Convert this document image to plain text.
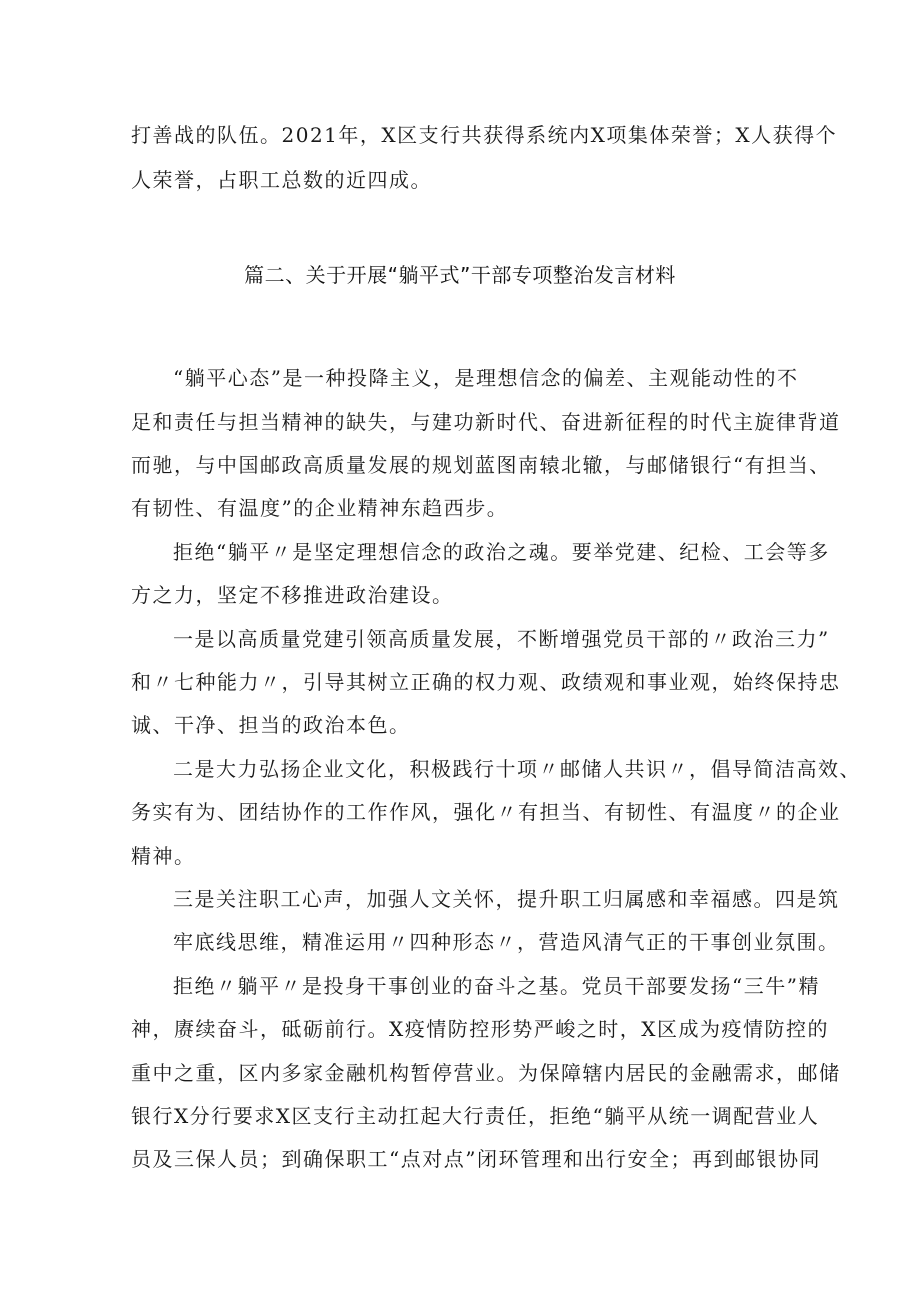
打善战的队伍。2021年，X区支行共获得系统内X项集体荣誉；X人获得个
人荣誉，占职工总数的近四成。
篇二、关于开展“躺平式”干部专项整治发言材料
“躺平心态”是一种投降主义，是理想信念的偏差、主观能动性的不
足和责任与担当精神的缺失，与建功新时代、奋进新征程的时代主旋律背道
而驰，与中国邮政高质量发展的规划蓝图南辕北辙，与邮储银行“有担当、
有韧性、有温度”的企业精神东趋西步。
拒绝“躺平〃是坚定理想信念的政治之魂。要举党建、纪检、工会等多
方之力，坚定不移推进政治建设。
一是以高质量党建引领高质量发展，不断增强党员干部的〃政治三力”
和〃七种能力〃，引导其树立正确的权力观、政绩观和事业观，始终保持忠
诚、干净、担当的政治本色。
二是大力弘扬企业文化，积极践行十项〃邮储人共识〃，倡导简洁高效、
务实有为、团结协作的工作作风，强化〃有担当、有韧性、有温度〃的企业
精神。
三是关注职工心声，加强人文关怀，提升职工归属感和幸福感。四是筑
牢底线思维，精准运用〃四种形态〃，营造风清气正的干事创业氛围。
拒绝〃躺平〃是投身干事创业的奋斗之基。党员干部要发扬“三牛”精
神，赓续奋斗，砥砺前行。X疫情防控形势严峻之时，X区成为疫情防控的
重中之重，区内多家金融机构暂停营业。为保障辖内居民的金融需求，邮储
银行X分行要求X区支行主动扛起大行责任，拒绝“躺平从统一调配营业人
员及三保人员；到确保职工“点对点”闭环管理和出行安全；再到邮银协同
